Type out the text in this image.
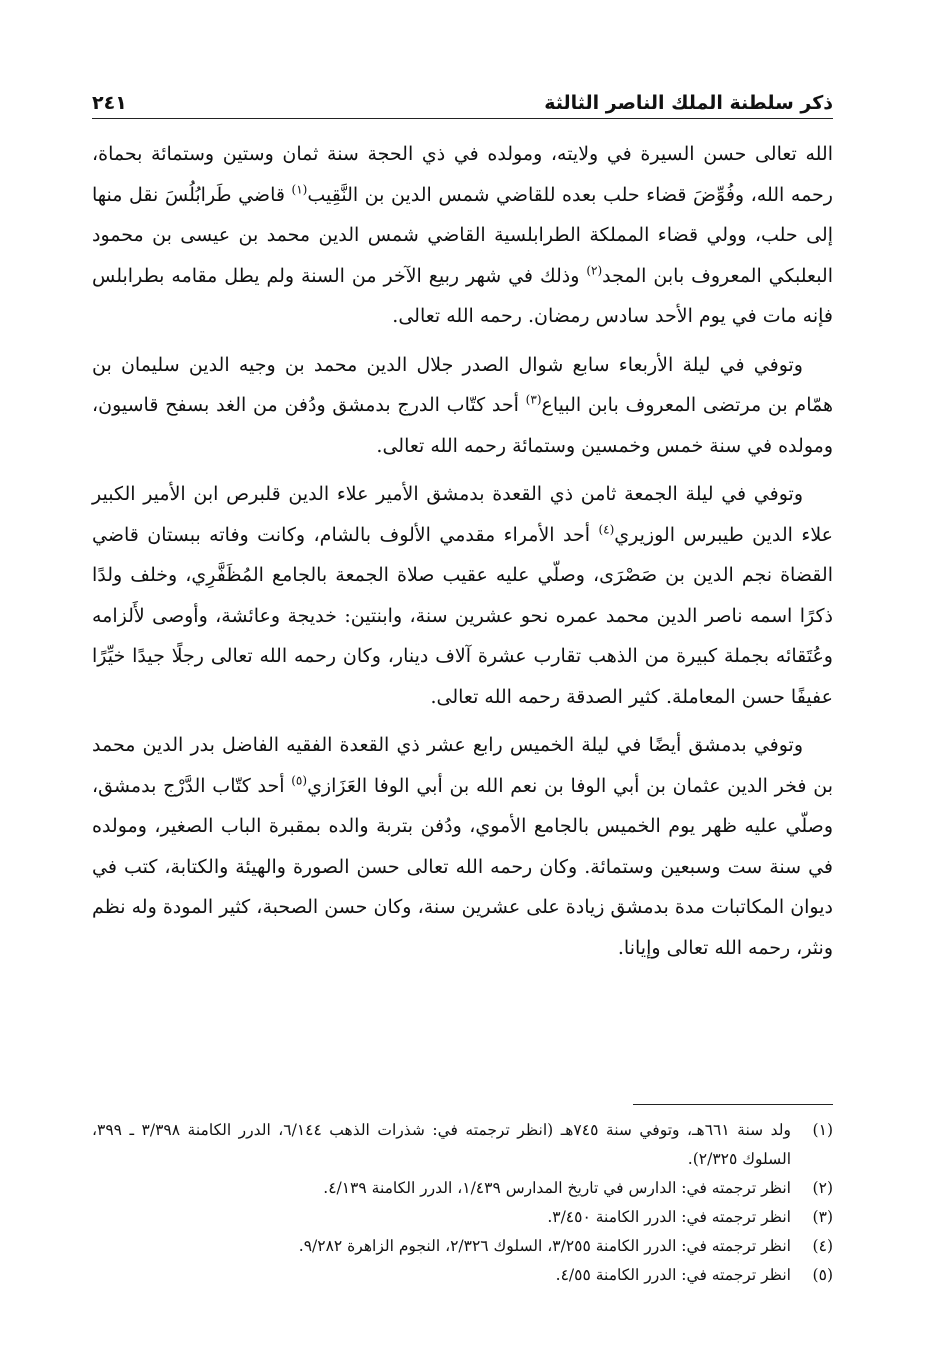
ذكر سلطنة الملك الناصر الثالثة
٢٤١

الله تعالى حسن السيرة في ولايته، ومولده في ذي الحجة سنة ثمان وستين وستمائة بحماة، رحمه الله، وفُوِّضَ قضاء حلب بعده للقاضي شمس الدين بن النَّقِيب$^{(١)}$ قاضي طَرابُلُسَ نقل منها إلى حلب، وولي قضاء المملكة الطرابلسية القاضي شمس الدين محمد بن عيسى بن محمود البعلبكي المعروف بابن المجد$^{(٢)}$ وذلك في شهر ربيع الآخر من السنة ولم يطل مقامه بطرابلس فإنه مات في يوم الأحد سادس رمضان. رحمه الله تعالى.

وتوفي في ليلة الأربعاء سابع شوال الصدر جلال الدين محمد بن وجيه الدين سليمان بن همّام بن مرتضى المعروف بابن البياع$^{(٣)}$ أحد كتّاب الدرج بدمشق ودُفن من الغد بسفح قاسيون، ومولده في سنة خمس وخمسين وستمائة رحمه الله تعالى.

وتوفي في ليلة الجمعة ثامن ذي القعدة بدمشق الأمير علاء الدين قلبرص ابن الأمير الكبير علاء الدين طيبرس الوزيري$^{(٤)}$ أحد الأمراء مقدمي الألوف بالشام، وكانت وفاته ببستان قاضي القضاة نجم الدين بن صَصْرَى، وصلّي عليه عقيب صلاة الجمعة بالجامع المُظَفَّرِي، وخلف ولدًا ذكرًا اسمه ناصر الدين محمد عمره نحو عشرين سنة، وابنتين: خديجة وعائشة، وأوصى لأَلزامه وعُتَقائه بجملة كبيرة من الذهب تقارب عشرة آلاف دينار، وكان رحمه الله تعالى رجلًا جيدًا خيِّرًا عفيفًا حسن المعاملة. كثير الصدقة رحمه الله تعالى.

وتوفي بدمشق أيضًا في ليلة الخميس رابع عشر ذي القعدة الفقيه الفاضل بدر الدين محمد بن فخر الدين عثمان بن أبي الوفا بن نعم الله بن أبي الوفا العَزَازي$^{(٥)}$ أحد كتّاب الدَّرْج بدمشق، وصلّي عليه ظهر يوم الخميس بالجامع الأموي، ودُفن بتربة والده بمقبرة الباب الصغير، ومولده في سنة ست وسبعين وستمائة. وكان رحمه الله تعالى حسن الصورة والهيئة والكتابة، كتب في ديوان المكاتبات مدة بدمشق زيادة على عشرين سنة، وكان حسن الصحبة، كثير المودة وله نظم ونثر، رحمه الله تعالى وإيانا.

(١)
ولد سنة ٦٦١هـ، وتوفي سنة ٧٤٥هـ (انظر ترجمته في: شذرات الذهب ٦/١٤٤، الدرر الكامنة ٣/٣٩٨ ـ ٣٩٩، السلوك ٢/٣٢٥).
(٢)
انظر ترجمته في: الدارس في تاريخ المدارس ١/٤٣٩، الدرر الكامنة ٤/١٣٩.
(٣)
انظر ترجمته في: الدرر الكامنة ٣/٤٥٠.
(٤)
انظر ترجمته في: الدرر الكامنة ٣/٢٥٥، السلوك ٢/٣٢٦، النجوم الزاهرة ٩/٢٨٢.
(٥)
انظر ترجمته في: الدرر الكامنة ٤/٥٥.
